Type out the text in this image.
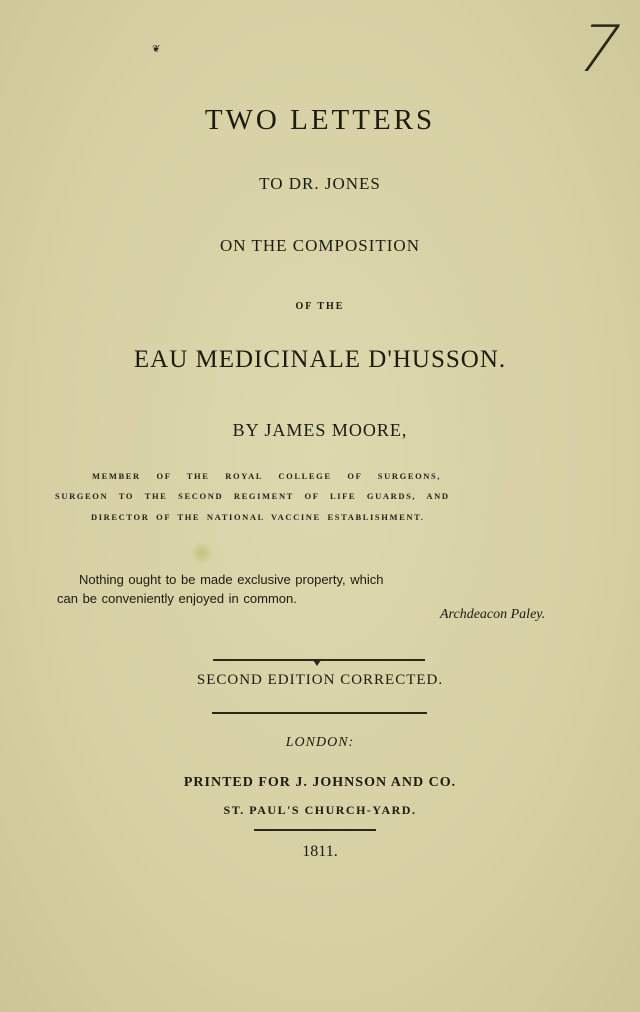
7
❦
TWO LETTERS
TO DR. JONES
ON THE COMPOSITION
OF THE
EAU MEDICINALE D'HUSSON.
BY JAMES MOORE,
MEMBER OF THE ROYAL COLLEGE OF SURGEONS,
SURGEON TO THE SECOND REGIMENT OF LIFE GUARDS, AND
DIRECTOR OF THE NATIONAL VACCINE ESTABLISHMENT.
Nothing ought to be made exclusive property, which
can be conveniently enjoyed in common.
Archdeacon Paley.
SECOND EDITION CORRECTED.
LONDON:
PRINTED FOR J. JOHNSON AND CO.
ST. PAUL'S CHURCH-YARD.
1811.
